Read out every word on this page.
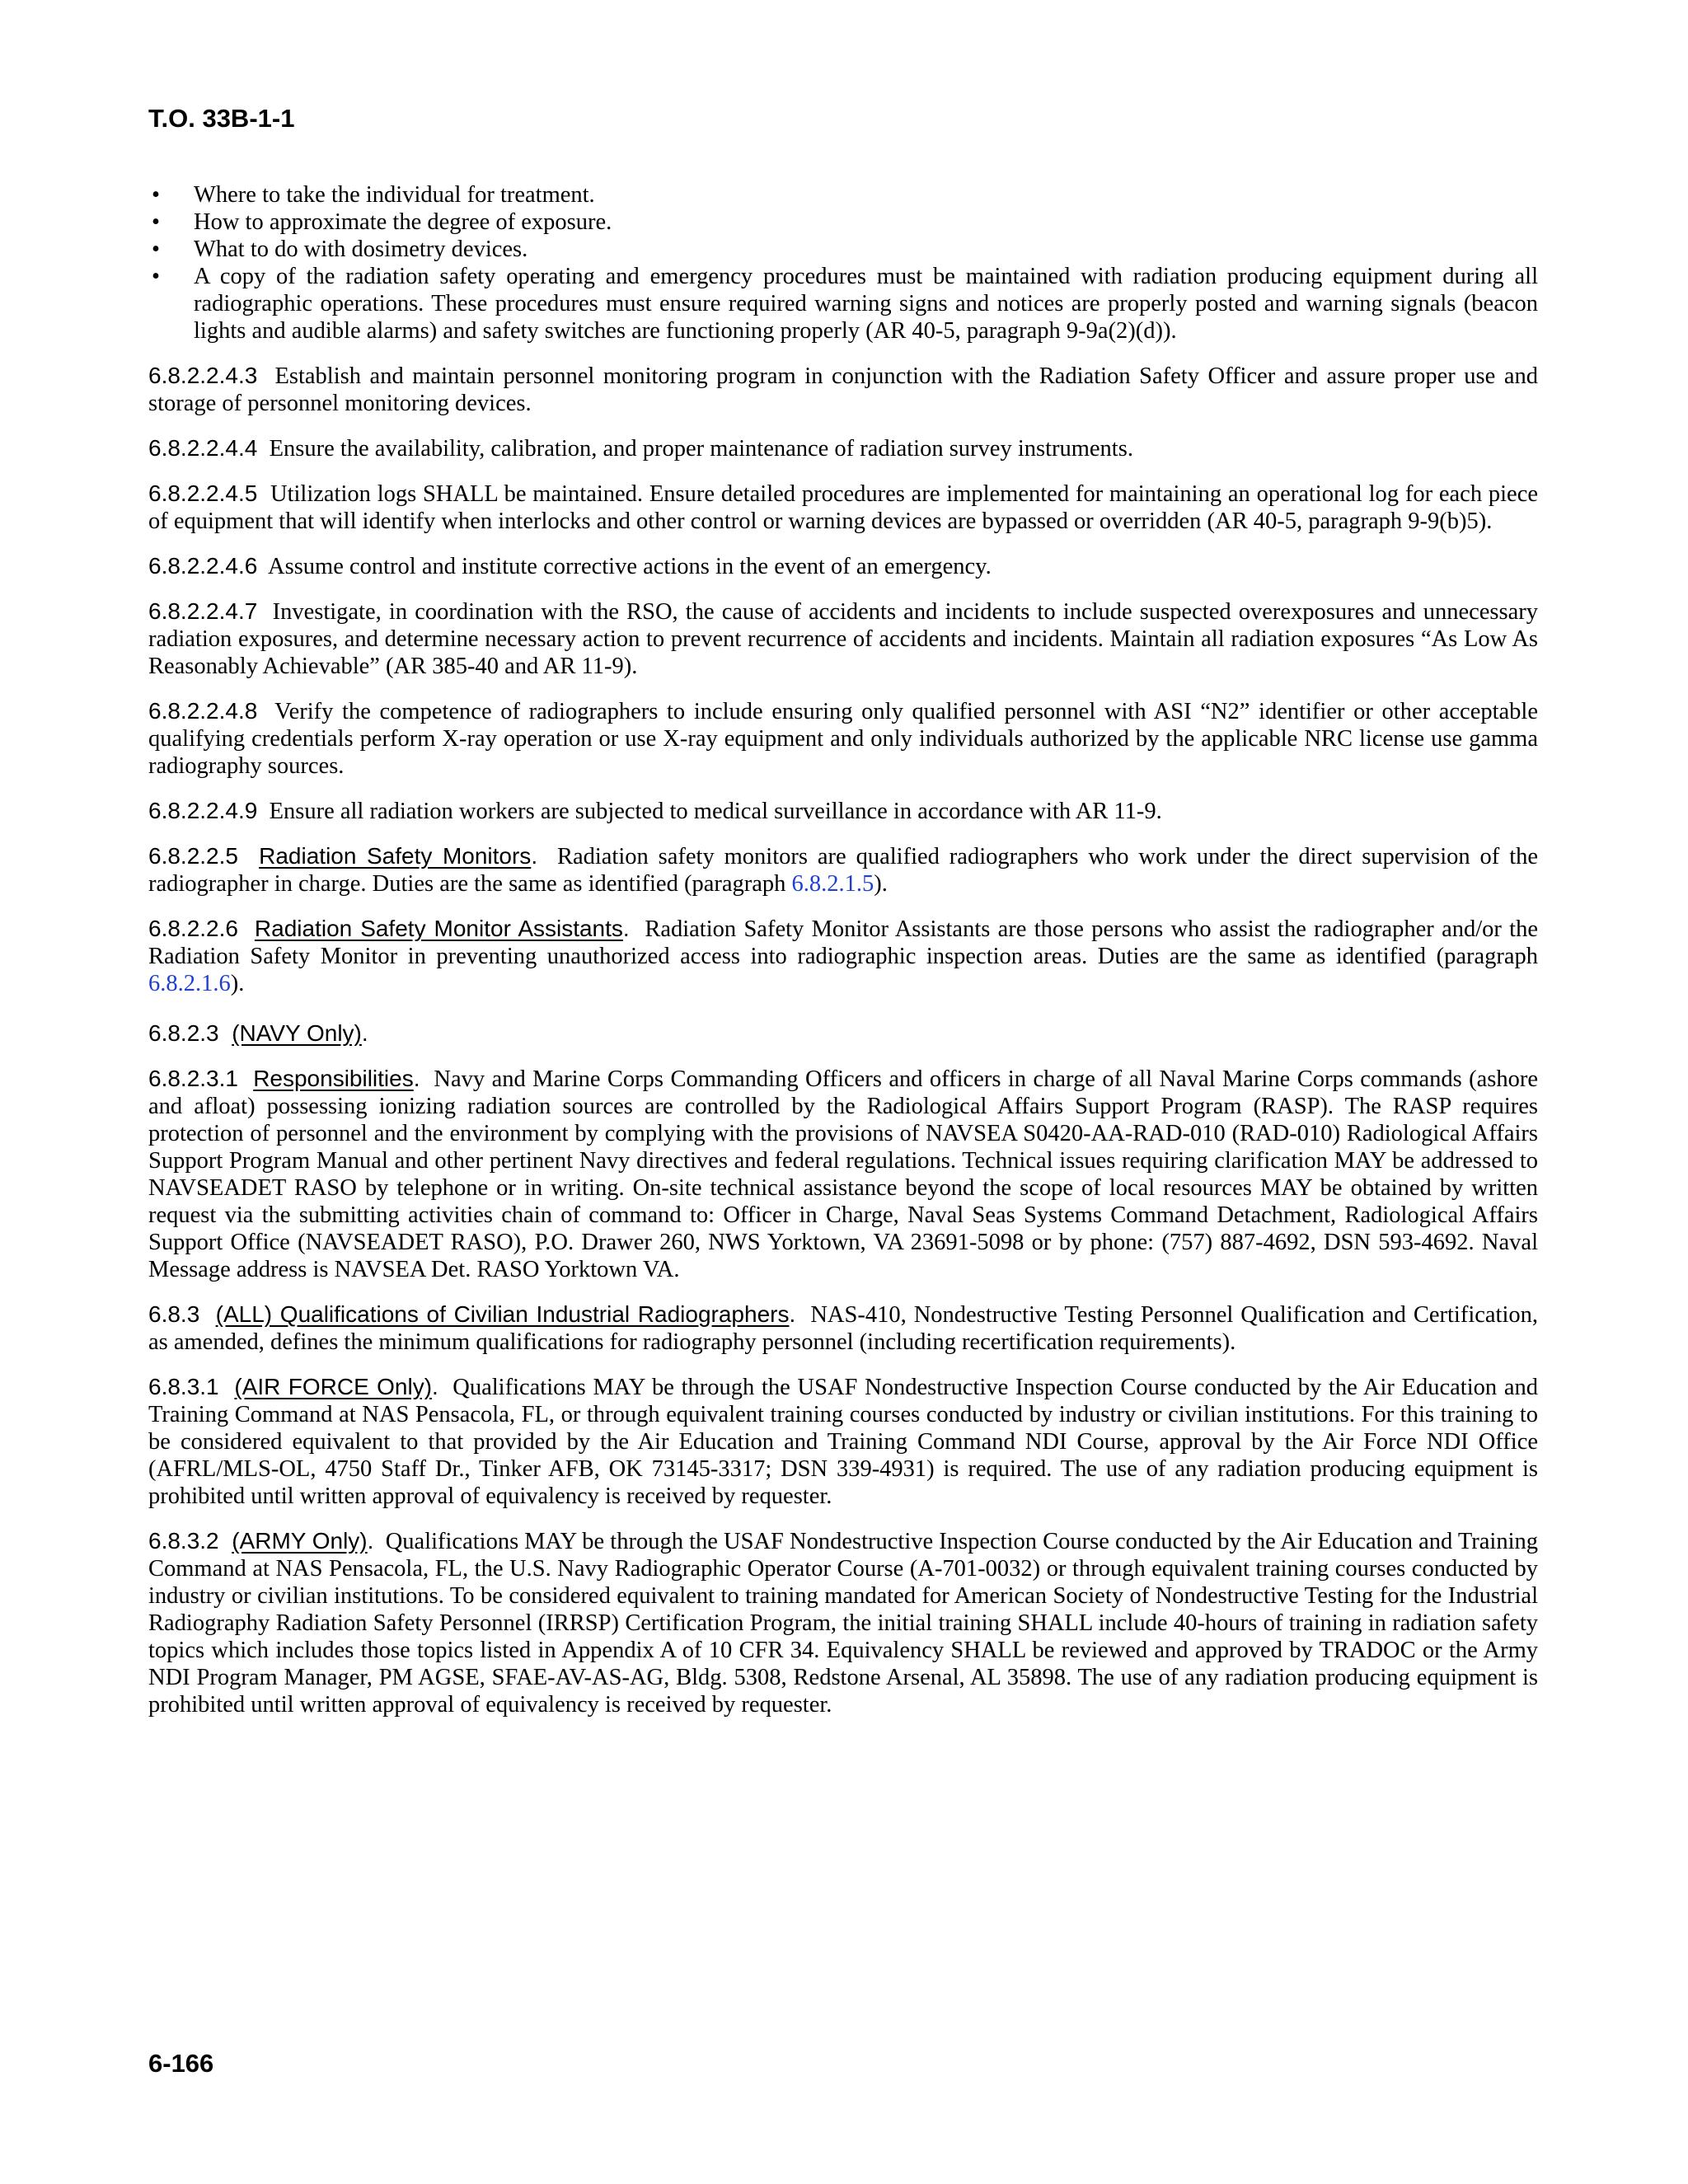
T.O. 33B-1-1
• Where to take the individual for treatment.
• How to approximate the degree of exposure.
• What to do with dosimetry devices.
• A copy of the radiation safety operating and emergency procedures must be maintained with radiation producing equipment during all radiographic operations. These procedures must ensure required warning signs and notices are properly posted and warning signals (beacon lights and audible alarms) and safety switches are functioning properly (AR 40-5, paragraph 9-9a(2)(d)).

6.8.2.2.4.3 Establish and maintain personnel monitoring program in conjunction with the Radiation Safety Officer and assure proper use and storage of personnel monitoring devices.

6.8.2.2.4.4 Ensure the availability, calibration, and proper maintenance of radiation survey instruments.

6.8.2.2.4.5 Utilization logs SHALL be maintained. Ensure detailed procedures are implemented for maintaining an operational log for each piece of equipment that will identify when interlocks and other control or warning devices are bypassed or overridden (AR 40-5, paragraph 9-9(b)5).

6.8.2.2.4.6 Assume control and institute corrective actions in the event of an emergency.

6.8.2.2.4.7 Investigate, in coordination with the RSO, the cause of accidents and incidents to include suspected overexposures and unnecessary radiation exposures, and determine necessary action to prevent recurrence of accidents and incidents. Maintain all radiation exposures “As Low As Reasonably Achievable” (AR 385-40 and AR 11-9).

6.8.2.2.4.8 Verify the competence of radiographers to include ensuring only qualified personnel with ASI “N2” identifier or other acceptable qualifying credentials perform X-ray operation or use X-ray equipment and only individuals authorized by the applicable NRC license use gamma radiography sources.

6.8.2.2.4.9 Ensure all radiation workers are subjected to medical surveillance in accordance with AR 11-9.

6.8.2.2.5 Radiation Safety Monitors. Radiation safety monitors are qualified radiographers who work under the direct supervision of the radiographer in charge. Duties are the same as identified (paragraph 6.8.2.1.5).

6.8.2.2.6 Radiation Safety Monitor Assistants. Radiation Safety Monitor Assistants are those persons who assist the radiographer and/or the Radiation Safety Monitor in preventing unauthorized access into radiographic inspection areas. Duties are the same as identified (paragraph 6.8.2.1.6).

6.8.2.3 (NAVY Only).

6.8.2.3.1 Responsibilities. Navy and Marine Corps Commanding Officers and officers in charge of all Naval Marine Corps commands (ashore and afloat) possessing ionizing radiation sources are controlled by the Radiological Affairs Support Program (RASP). The RASP requires protection of personnel and the environment by complying with the provisions of NAVSEA S0420-AA-RAD-010 (RAD-010) Radiological Affairs Support Program Manual and other pertinent Navy directives and federal regulations. Technical issues requiring clarification MAY be addressed to NAVSEADET RASO by telephone or in writing. On-site technical assistance beyond the scope of local resources MAY be obtained by written request via the submitting activities chain of command to: Officer in Charge, Naval Seas Systems Command Detachment, Radiological Affairs Support Office (NAVSEADET RASO), P.O. Drawer 260, NWS Yorktown, VA 23691-5098 or by phone: (757) 887-4692, DSN 593-4692. Naval Message address is NAVSEA Det. RASO Yorktown VA.

6.8.3 (ALL) Qualifications of Civilian Industrial Radiographers. NAS-410, Nondestructive Testing Personnel Qualification and Certification, as amended, defines the minimum qualifications for radiography personnel (including recertification requirements).

6.8.3.1 (AIR FORCE Only). Qualifications MAY be through the USAF Nondestructive Inspection Course conducted by the Air Education and Training Command at NAS Pensacola, FL, or through equivalent training courses conducted by industry or civilian institutions. For this training to be considered equivalent to that provided by the Air Education and Training Command NDI Course, approval by the Air Force NDI Office (AFRL/MLS-OL, 4750 Staff Dr., Tinker AFB, OK 73145-3317; DSN 339-4931) is required. The use of any radiation producing equipment is prohibited until written approval of equivalency is received by requester.

6.8.3.2 (ARMY Only). Qualifications MAY be through the USAF Nondestructive Inspection Course conducted by the Air Education and Training Command at NAS Pensacola, FL, the U.S. Navy Radiographic Operator Course (A-701-0032) or through equivalent training courses conducted by industry or civilian institutions. To be considered equivalent to training mandated for American Society of Nondestructive Testing for the Industrial Radiography Radiation Safety Personnel (IRRSP) Certification Program, the initial training SHALL include 40-hours of training in radiation safety topics which includes those topics listed in Appendix A of 10 CFR 34. Equivalency SHALL be reviewed and approved by TRADOC or the Army NDI Program Manager, PM AGSE, SFAE-AV-AS-AG, Bldg. 5308, Redstone Arsenal, AL 35898. The use of any radiation producing equipment is prohibited until written approval of equivalency is received by requester.

6-166
